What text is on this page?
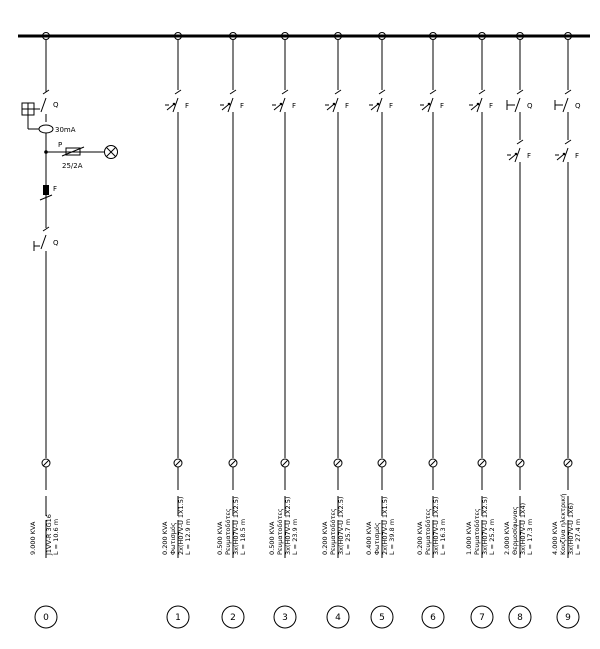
Q
30mA
P
25/2A
F
Q
L = 10.6 m
J1VV-R 3G16
9.000 KVA
0
F
L = 12.9 m
2x(H07V-U 1X1.5)
Φωτισμός
0.200 KVA
1
F
L = 18.5 m
3x(H07V-U 1X2.5)
Ρευματοδότες
0.500 KVA
2
F
L = 23.9 m
3x(H07V-U 1X2.5)
Ρευματοδότες
0.500 KVA
3
F
L = 25.7 m
3x(H07V-U 1X2.5)
Ρευματοδότες
0.200 KVA
4
F
L = 39.8 m
2x(H07V-U 1X1.5)
Φωτισμός
0.400 KVA
5
F
L = 16.3 m
3x(H07V-U 1X2.5)
Ρευματοδότες
0.200 KVA
6
F
L = 25.2 m
3x(H07V-U 1X2.5)
Ρευματοδότες
1.000 KVA
7
Q
F
L = 17.3 m
3x(H07V-U 1X4)
Θερμοσίφωνας
2.000 KVA
8
Q
F
L = 27.4 m
3x(H07V-U 1X6)
Κουζίνα ηλεκτρική
4.000 KVA
9
